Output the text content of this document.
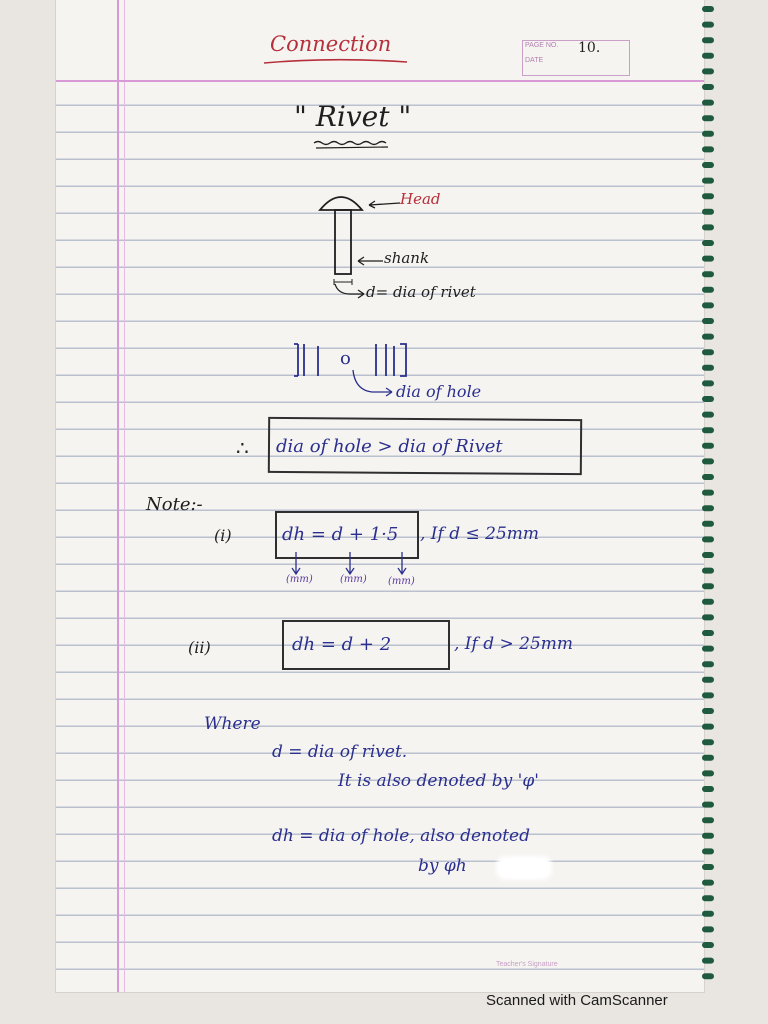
Connection	PAGE NO.
DATE
10.
" Rivet "
Head
shank
d= dia of rivet
o
dia of hole
∴ dia of hole > dia of Rivet
Note:-
(i)	dh = d + 1·5 , If d ≤ 25mm
(mm)	(mm) (mm)
(ii)	dh = d + 2	, If d > 25mm
Where
d = dia of rivet.
It is also denoted by 'φ'
dh = dia of hole, also denoted
by φh
Teacher's Signature
Scanned with CamScanner
